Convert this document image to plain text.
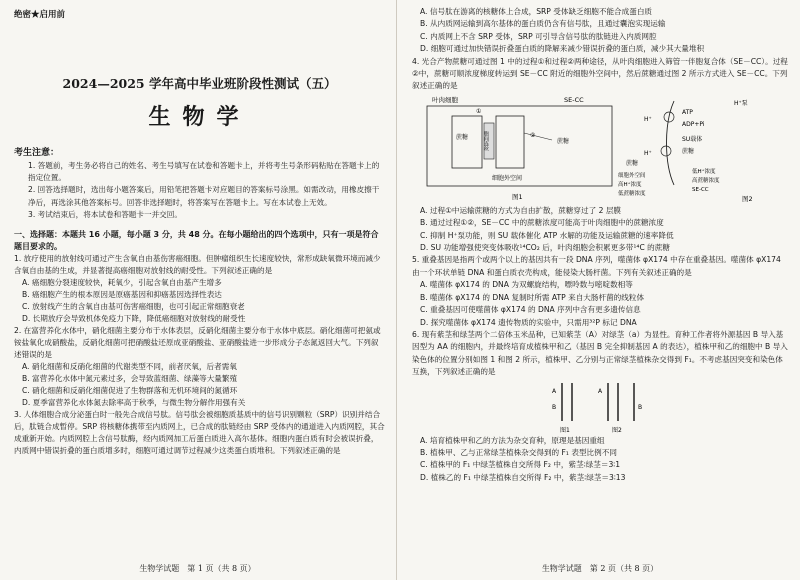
绝密★启用前
2024—2025 学年高中毕业班阶段性测试（五）
生物学
考生注意：
1. 答题前，考生务必将自己的姓名、考生号填写在试卷和答题卡上，并将考生号条形码粘贴在答题卡上的指定位置。
2. 回答选择题时，选出每小题答案后，用铅笔把答题卡对应题目的答案标号涂黑。如需改动，用橡皮擦干净后，再选涂其他答案标号。回答非选择题时，将答案写在答题卡上。写在本试卷上无效。
3. 考试结束后，将本试卷和答题卡一并交回。
一、选择题：本题共 16 小题，每小题 3 分，共 48 分。在每小题给出的四个选项中，只有一项是符合题目要求的。
1. 放疗使用的放射线可通过产生含氧自由基伤害癌细胞。但肿瘤组织生长速度较快，常形成缺氧微环境而减少含氧自由基的生成，并显著提高癌细胞对放射线的耐受性。下列叙述正确的是
A. 癌细胞分裂速度较快，耗氧少，引起含氧自由基产生增多
B. 癌细胞产生的根本原因是原癌基因和抑癌基因选择性表达
C. 放射线产生的含氧自由基可伤害癌细胞，也可引起正常细胞衰老
D. 长期放疗会导致机体免疫力下降，降低癌细胞对放射线的耐受性
2. 在富营养化水体中，硝化细菌主要分布于水体表层，反硝化细菌主要分布于水体中底层。硝化细菌可把氨或铵盐氧化成硝酸盐，反硝化细菌可把硝酸盐还原成亚硝酸盐、亚硝酸盐进一步形成分子态氮返回大气。下列叙述错误的是
A. 硝化细菌和反硝化细菌的代谢类型不同，前者厌氧，后者需氧
B. 富营养化水体中氮元素过多，会导致蓝细菌、绿藻等大量繁殖
C. 硝化细菌和反硝化细菌促进了生物群落和无机环境间的氮循环
D. 夏季富营养化水体氮去除率高于秋季，与微生物分解作用强有关
3. 人体细胞合成分泌蛋白时一般先合成信号肽。信号肽会被细胞质基质中的信号识别颗粒（SRP）识别并结合后，肽链合成暂停。SRP 将核糖体携带至内质网上，已合成的肽链经由 SRP 受体内的通道进入内质网腔，其合成重新开始。内质网腔上含信号肽酶，经内质网加工后蛋白质进入高尔基体。细胞内蛋白质有时会被误折叠，内质网中错误折叠的蛋白质增多时，细胞可通过调节过程减少这类蛋白质堆积。下列叙述正确的是
生物学试题　第 1 页（共 8 页）
A. 信号肽在游离的核糖体上合成，SRP 受体缺乏细胞不能合成蛋白质
B. 从内质网运输到高尔基体的蛋白质仍含有信号肽，且通过囊泡实现运输
C. 内质网上不含 SRP 受体，SRP 可引导含信号肽的肽链进入内质网腔
D. 细胞可通过加快错误折叠蛋白质的降解来减少错误折叠的蛋白质，减少其大量堆积
4. 光合产物蔗糖可通过图 1 中的过程①和过程②两种途径，从叶肉细胞进入筛管一伴胞复合体（SE－CC）。过程②中，蔗糖可顺浓度梯度转运到 SE－CC 附近的细胞外空间中，然后蔗糖通过图 2 所示方式进入 SE－CC。下列叙述正确的是
叶肉细胞	SE-CC
胞间连丝
蔗糖
蔗糖
①
②
细胞外空间
图1
H⁺泵
ATP
ADP+Pi
H⁺
SU载体
蔗糖
H⁺
蔗糖
细胞外空间
高H⁺浓度
低蔗糖浓度
低H⁺浓度
高蔗糖浓度
SE-CC
图2
A. 过程①中运输蔗糖的方式为自由扩散，蔗糖穿过了 2 层膜
B. 通过过程①②，SE－CC 中的蔗糖浓度可能高于叶肉细胞中的蔗糖浓度
C. 抑制 H⁺泵功能，则 SU 载体催化 ATP 水解的功能及运输蔗糖的速率降低
D. SU 功能增强使突变体吸收¹⁴CO₂ 后，叶肉细胞会积累更多带¹⁴C 的蔗糖
5. 重叠基因是指两个或两个以上的基因共有一段 DNA 序列，噬菌体 φX174 中存在重叠基因。噬菌体 φX174 由一个环状单链 DNA 和蛋白质衣壳构成，能侵染大肠杆菌。下列有关叙述正确的是
A. 噬菌体 φX174 的 DNA 为双螺旋结构，嘌呤数与嘧啶数相等
B. 噬菌体 φX174 的 DNA 复制时所需 ATP 来自大肠杆菌的线粒体
C. 重叠基因可使噬菌体 φX174 的 DNA 序列中含有更多遗传信息
D. 探究噬菌体 φX174 遗传物质的实验中，只需用³²P 标记 DNA
6. 现有紫茎和绿茎两个二倍体玉米品种，已知紫茎（A）对绿茎（a）为显性。育种工作者将外源基因 B 导入基因型为 AA 的细胞内，并最终培育成植株甲和乙（基因 B 完全抑制基因 A 的表达），植株甲和乙的细胞中 B 导入染色体的位置分别如图 1 和图 2 所示，植株甲、乙分别与正常绿茎植株杂交得到 F₁。不考虑基因突变和染色体互换，下列叙述正确的是
A
B
图1
A
B
图2
A. 培育植株甲和乙的方法为杂交育种，原理是基因重组
B. 植株甲、乙与正常绿茎植株杂交得到的 F₁ 表型比例不同
C. 植株甲的 F₁ 中绿茎植株自交所得 F₂ 中，紫茎∶绿茎＝3∶1
D. 植株乙的 F₁ 中绿茎植株自交所得 F₂ 中，紫茎∶绿茎＝3∶13
生物学试题　第 2 页（共 8 页）
